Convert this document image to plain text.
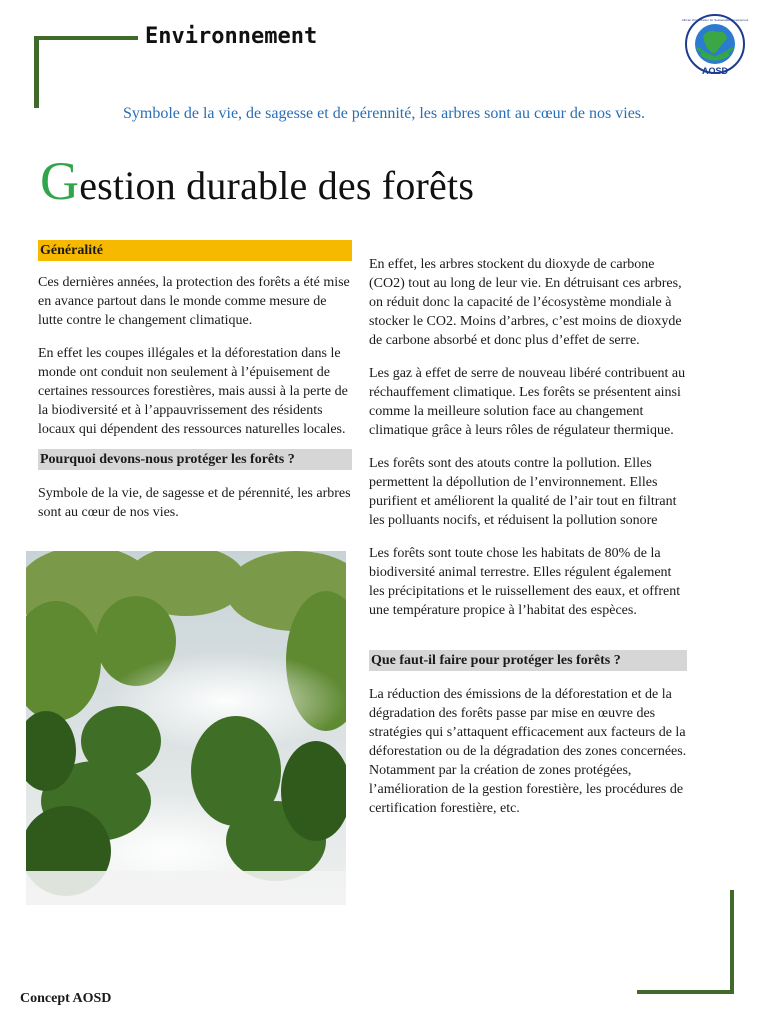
Environnement
AOSD
African Organization for Sustainable Development
Symbole de la vie, de sagesse et de pérennité, les arbres sont au cœur de nos vies.
Gestion durable des forêts
Généralité

Ces dernières années, la protection des forêts a été mise en avance partout dans le monde comme mesure de lutte contre le changement climatique.

En effet les coupes illégales et la déforestation dans le monde ont conduit non seulement à l’épuisement de certaines ressources forestières, mais aussi à la perte de la biodiversité et à l’appauvrissement des résidents locaux qui dépendent des ressources naturelles locales.

Pourquoi devons-nous protéger les forêts ?

Symbole de la vie, de sagesse et de pérennité, les arbres sont au cœur de nos vies.

En effet, les arbres stockent du dioxyde de carbone (CO2) tout au long de leur vie. En détruisant ces arbres, on réduit donc la capacité de l’écosystème mondiale à stocker le CO2. Moins d’arbres, c’est moins de dioxyde de carbone absorbé et donc plus d’effet de serre.

Les gaz à effet de serre de nouveau libéré contribuent au réchauffement climatique. Les forêts se présentent ainsi comme la meilleure solution face au changement climatique grâce à leurs rôles de régulateur thermique.

Les forêts sont des atouts contre la pollution. Elles permettent la dépollution de l’environnement. Elles purifient et améliorent la qualité de l’air tout en filtrant les polluants nocifs, et réduisent la pollution sonore

Les forêts sont toute chose les habitats de 80% de la biodiversité animal terrestre. Elles régulent également les précipitations et le ruissellement des eaux, et offrent une température propice à l’habitat des espèces.

Que faut-il faire pour protéger les forêts ?

La réduction des émissions de la déforestation et de la dégradation des forêts passe par mise en œuvre des stratégies qui s’attaquent efficacement aux facteurs de la déforestation ou de la dégradation des zones concernées. Notamment par la création de zones protégées, l’amélioration de la gestion forestière, les procédures de certification forestière, etc.

Concept AOSD
